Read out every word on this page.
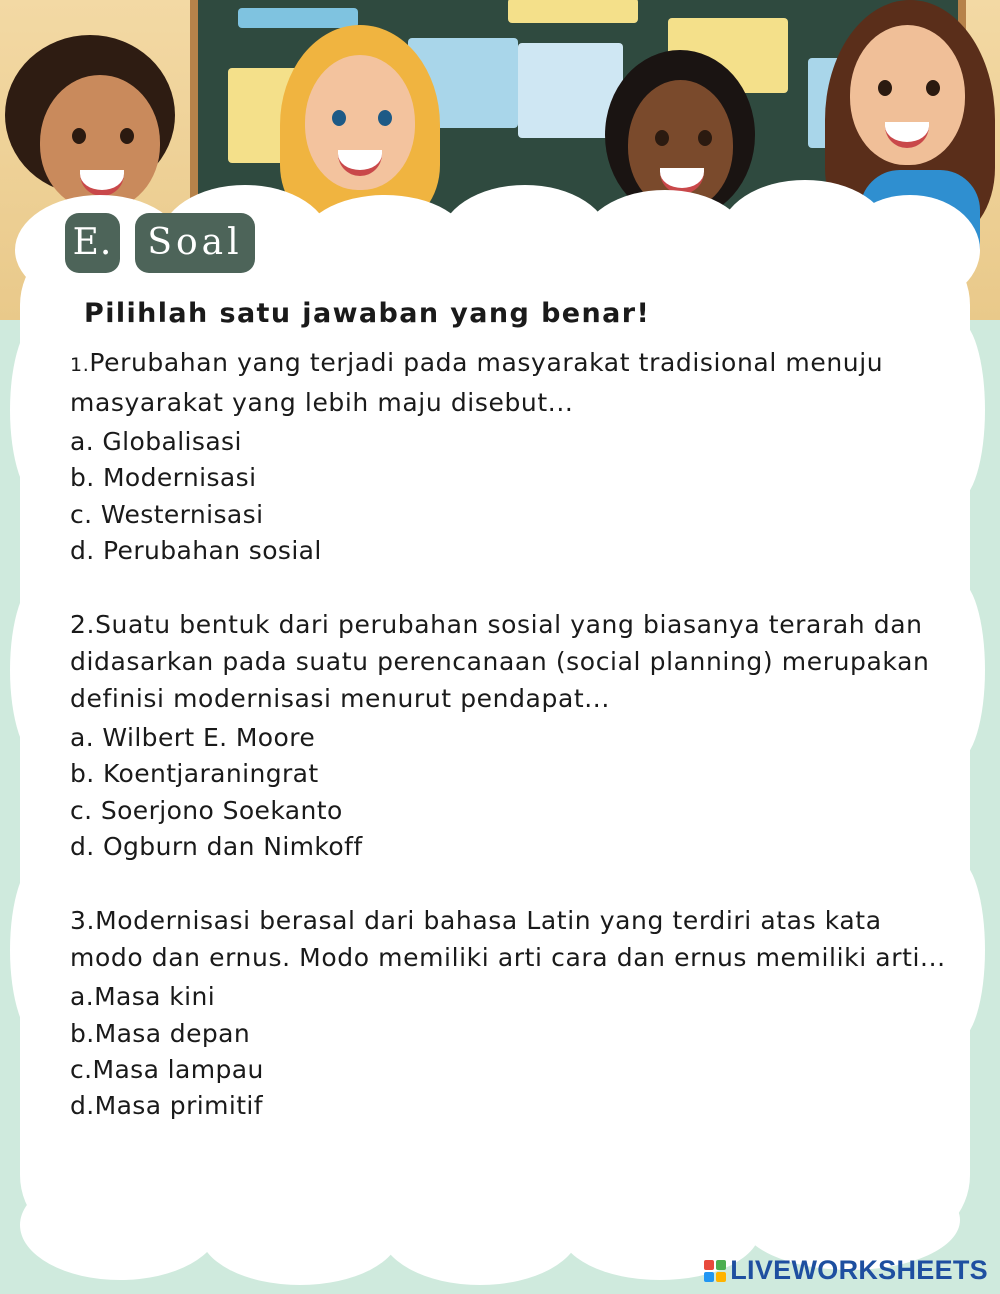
E. Soal
Pilihlah satu jawaban yang benar!

1.Perubahan yang terjadi pada masyarakat tradisional menuju masyarakat yang lebih maju disebut...

a. Globalisasi
b. Modernisasi
c. Westernisasi
d. Perubahan sosial

2.Suatu bentuk dari perubahan sosial yang biasanya terarah dan didasarkan pada suatu perencanaan (social planning) merupakan definisi modernisasi menurut pendapat...

a. Wilbert E. Moore
b. Koentjaraningrat
c. Soerjono Soekanto
d. Ogburn dan Nimkoff

3.Modernisasi berasal dari bahasa Latin yang terdiri atas kata modo dan ernus. Modo memiliki arti cara dan ernus memiliki arti...

a.Masa kini
b.Masa depan
c.Masa lampau
d.Masa primitif
LIVEWORKSHEETS
